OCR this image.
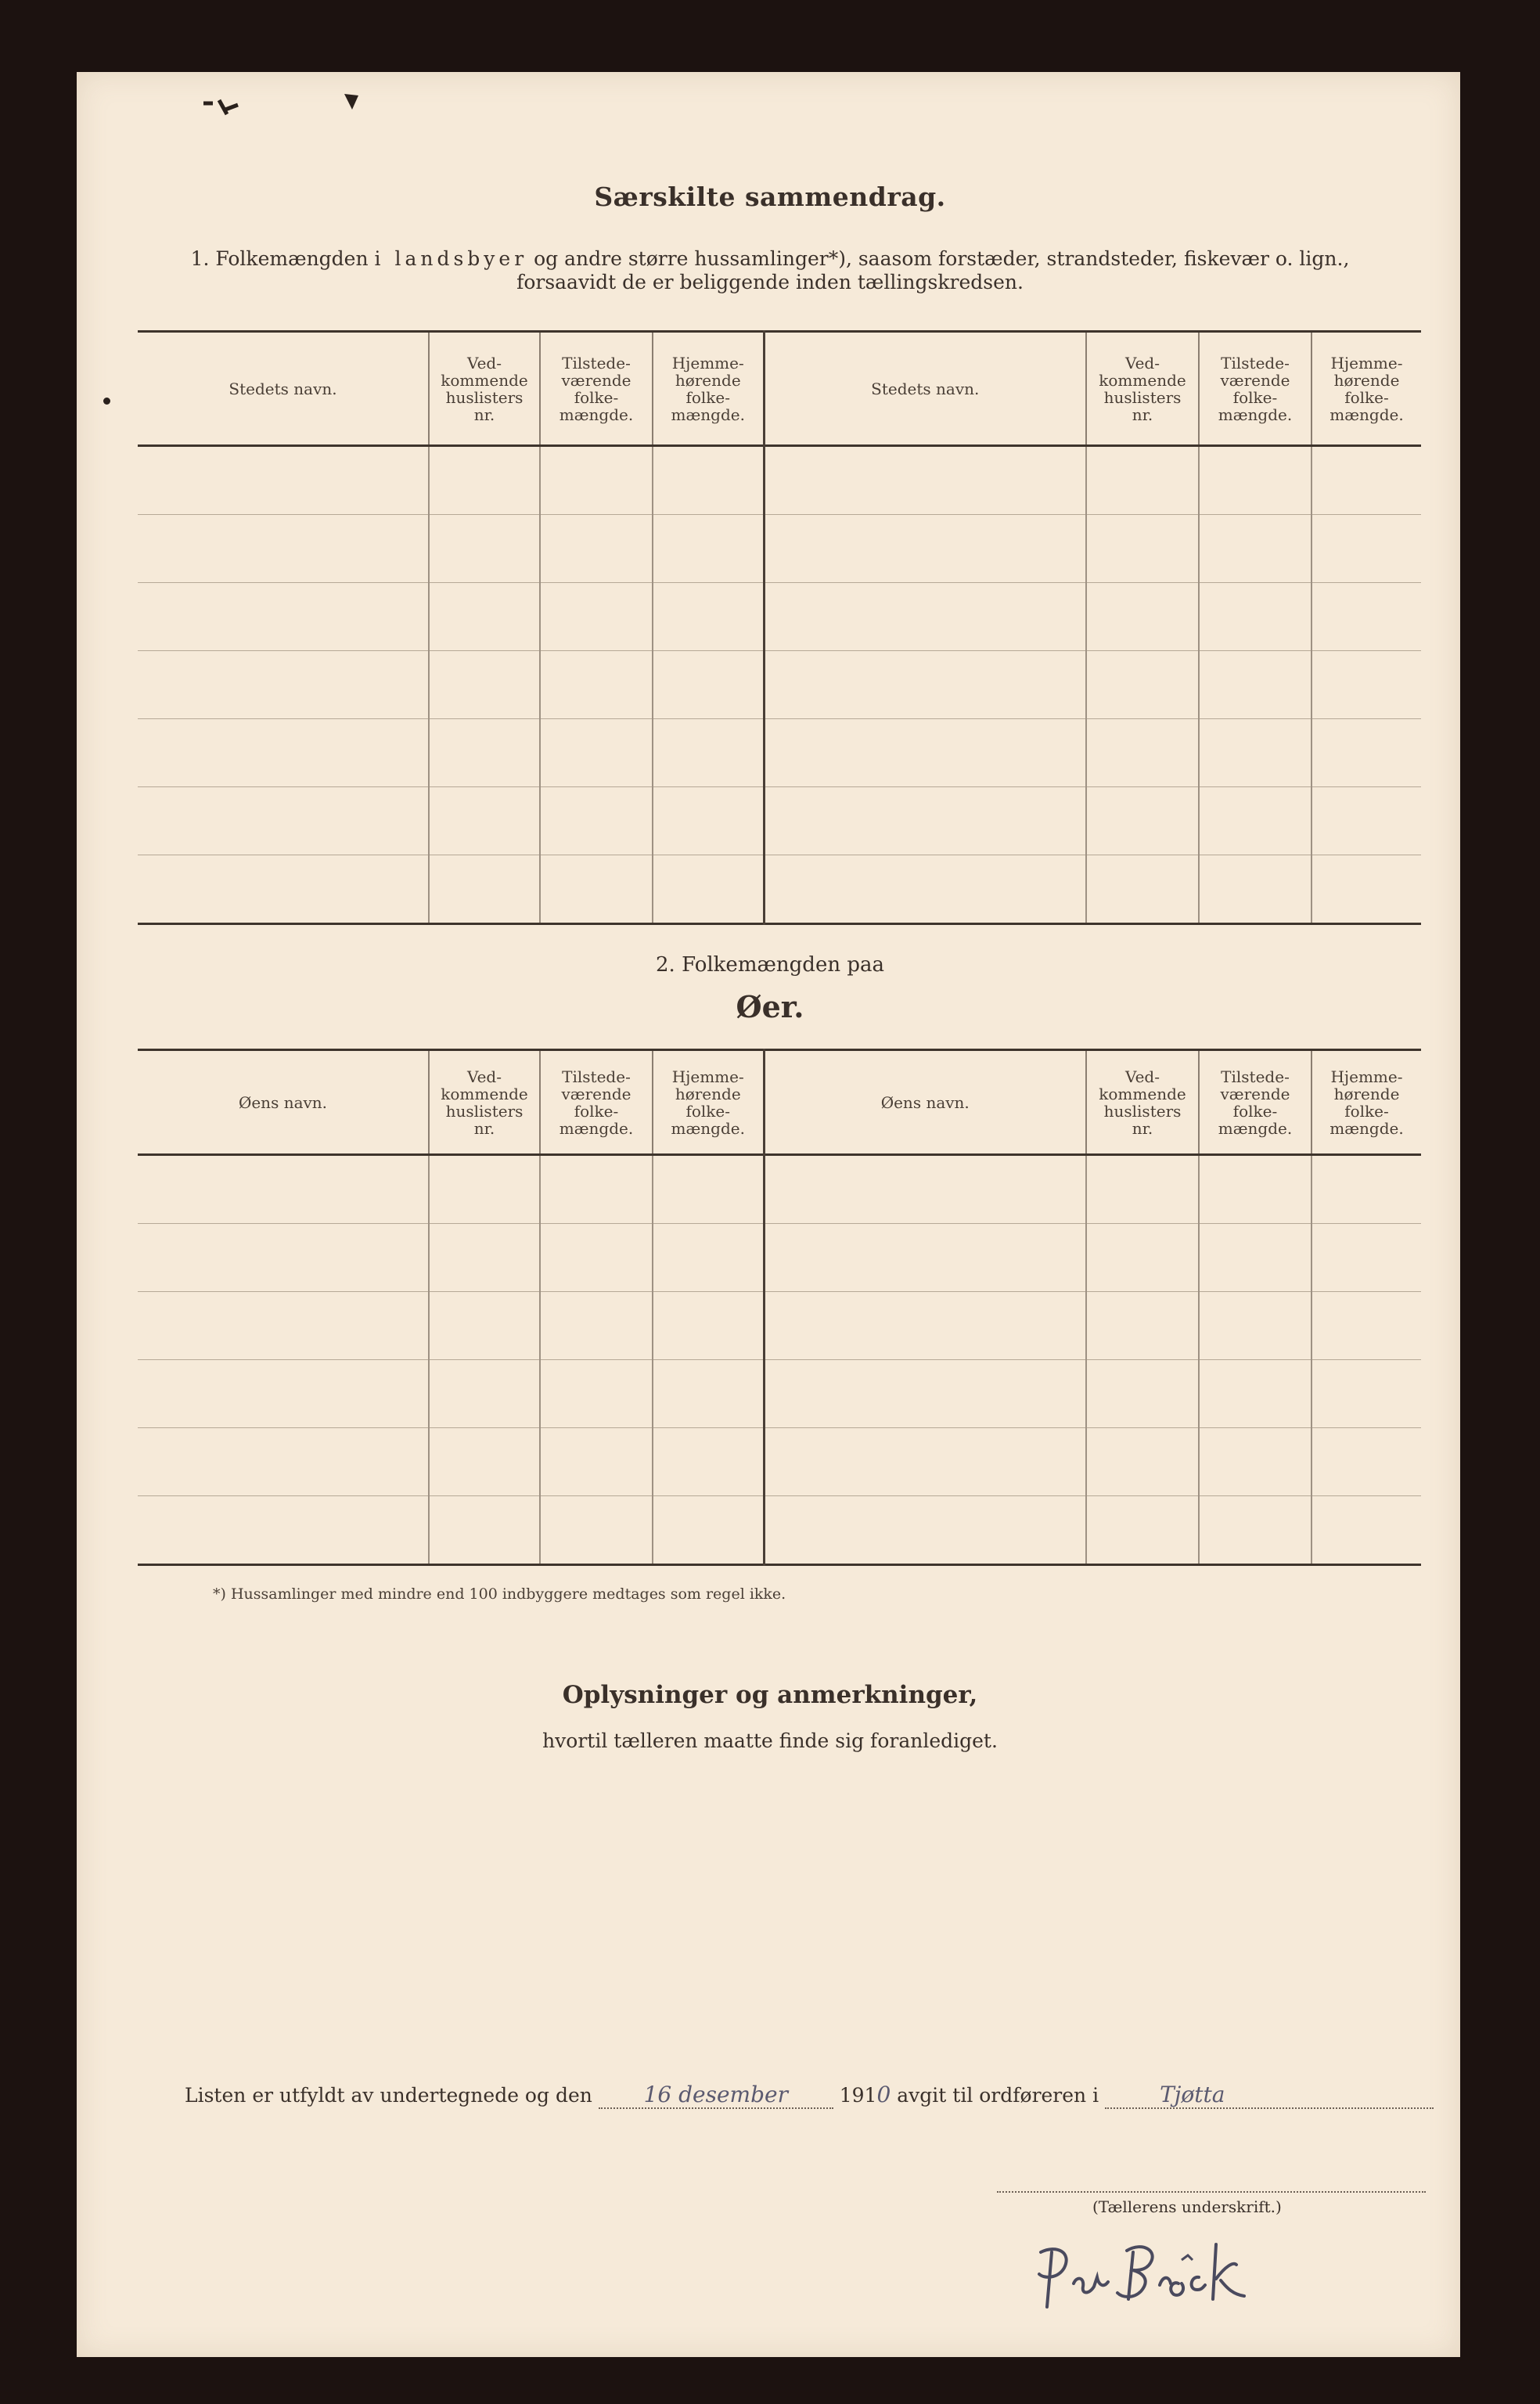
Særskilte sammendrag.
1. Folkemængden i landsbyer og andre større hussamlinger*), saasom forstæder, strandsteder, fiskevær o. lign.,
forsaavidt de er beliggende inden tællingskredsen.
Stedets navn.	Ved-
kommende
huslisters
nr.	Tilstede-
værende
folke-
mængde.	Hjemme-
hørende
folke-
mængde.	Stedets navn.	Ved-
kommende
huslisters
nr.	Tilstede-
værende
folke-
mængde.	Hjemme-
hørende
folke-
mængde.

2. Folkemængden paa
Øer.
Øens navn.	Ved-
kommende
huslisters
nr.	Tilstede-
værende
folke-
mængde.	Hjemme-
hørende
folke-
mængde.	Øens navn.	Ved-
kommende
huslisters
nr.	Tilstede-
værende
folke-
mængde.	Hjemme-
hørende
folke-
mængde.

*) Hussamlinger med mindre end 100 indbyggere medtages som regel ikke.
Oplysninger og anmerkninger,
hvortil tælleren maatte finde sig foranlediget.
Listen er utfyldt av undertegnede og den 16 desember	1910 avgit til ordføreren i	Tjøtta
(Tællerens underskrift.)
